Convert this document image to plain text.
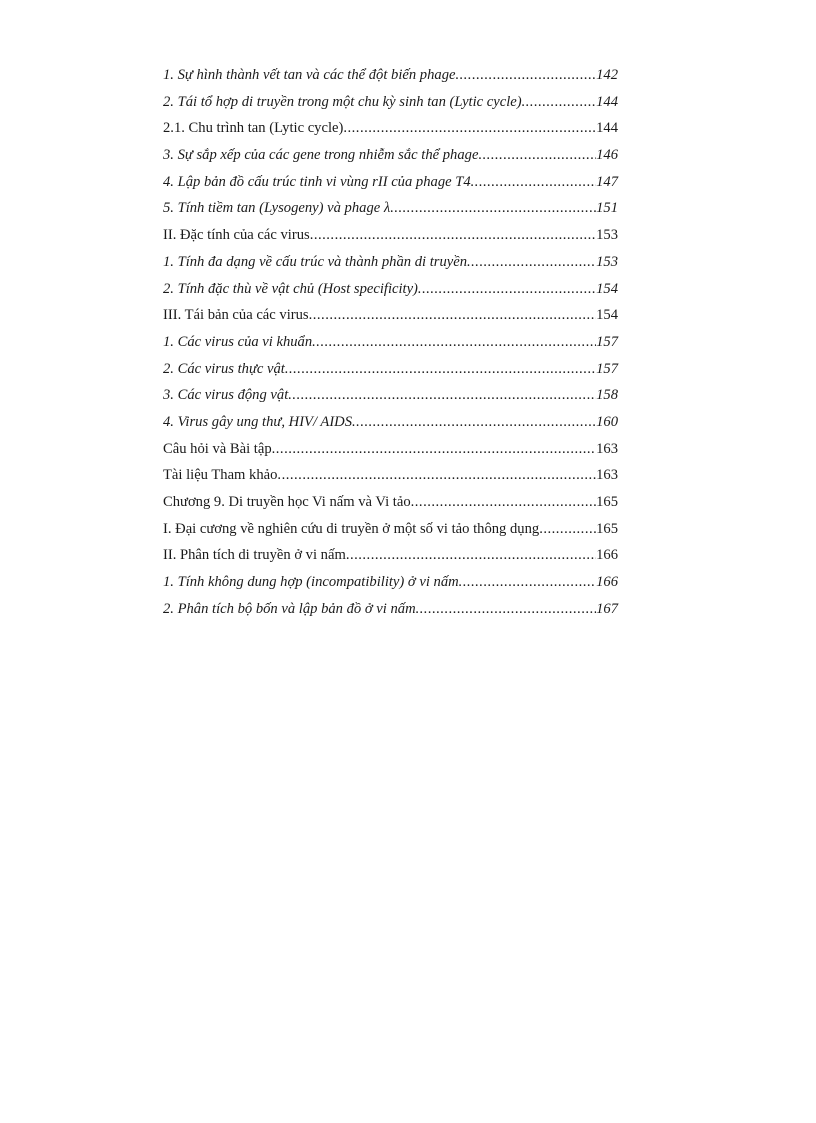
1. Sự hình thành vết tan và các thể đột biến phage .....	142
2. Tái tổ hợp di truyền trong một chu kỳ sinh tan (Lytic cycle) .....	144
2.1. Chu trình tan (Lytic cycle) .....	144
3. Sự sắp xếp của các gene trong nhiễm sắc thể phage .....	146
4. Lập bản đồ cấu trúc tinh vi vùng rII của phage T4 .....	147
5. Tính tiềm tan (Lysogeny) và phage λ .....	151
II. Đặc tính của các virus .....	153
1. Tính đa dạng về cấu trúc và thành phần di truyền .....	153
2. Tính đặc thù về vật chủ (Host specificity) .....	154
III. Tái bản của các virus .....	154
1. Các virus của vi khuẩn .....	157
2. Các virus thực vật .....	157
3. Các virus động vật .....	158
4. Virus gây ung thư, HIV/ AIDS .....	160
Câu hỏi và Bài tập .....	163
Tài liệu Tham khảo .....	163
Chương 9. Di truyền học Vi nấm và Vi tảo .....	165
I. Đại cương về nghiên cứu di truyền ở một số vi tảo thông dụng .....	165
II. Phân tích di truyền ở vi nấm .....	166
1. Tính không dung hợp (incompatibility) ở vi nấm .....	166
2. Phân tích bộ bốn và lập bản đồ ở vi nấm .....	167
